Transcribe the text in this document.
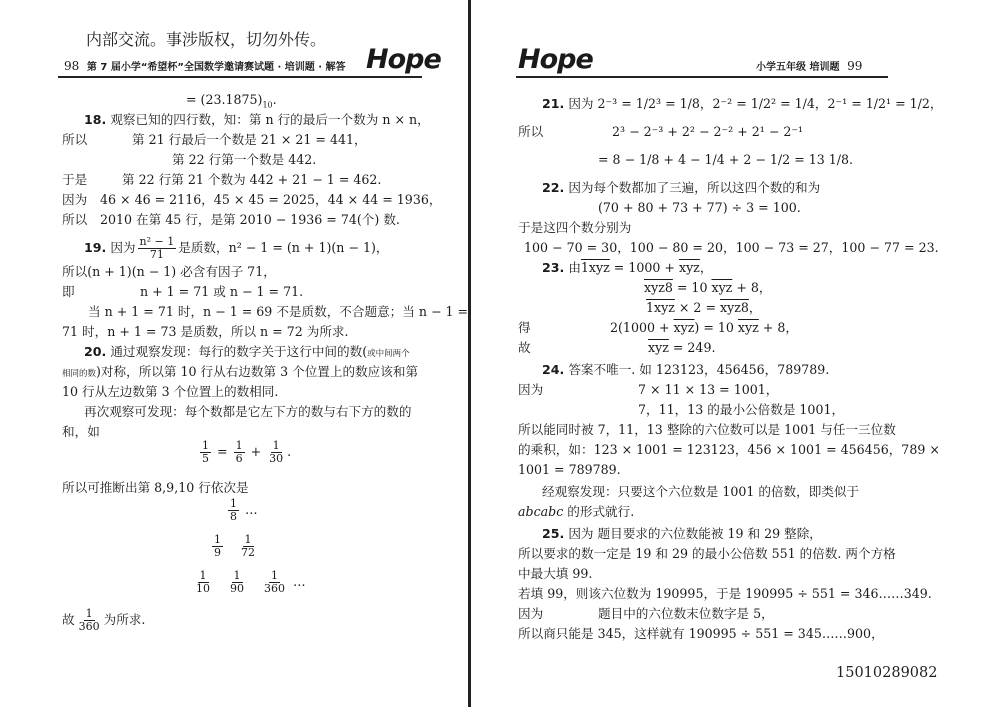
内部交流。事涉版权，切勿外传。
98 第 7 届小学“希望杯”全国数学邀请赛试题 · 培训题 · 解答 Hope
= $(23.1875)_{10}$.
18. 观察已知的四行数，知：第 n 行的最后一个数为 n × n，
所以	第 21 行最后一个数是 21 × 21 = 441，
第 22 行第一个数是 442.
于是	第 22 行第 21 个数为 442 + 21 − 1 = 462.
因为 46 × 46 = 2116，45 × 45 = 2025，44 × 44 = 1936，
所以 2010 在第 45 行，是第 2010 − 1936 = 74(个) 数.
19. 因为 $\frac{\text{n² − 1}}{71}$ 是质数，n² − 1 = (n + 1)(n − 1)，
所以(n + 1)(n − 1) 必含有因子 71，
即	n + 1 = 71 或 n − 1 = 71.
当 n + 1 = 71 时，n − 1 = 69 不是质数，不合题意；当 n − 1 =
71 时，n + 1 = 73 是质数，所以 n = 72 为所求.
20. 通过观察发现：每行的数字关于这行中间的数(或中间两个
相同的数)对称，所以第 10 行从右边数第 3 个位置上的数应该和第
10 行从左边数第 3 个位置上的数相同.
再次观察可发现：每个数都是它左下方的数与右下方的数的
和，如
$\frac{1}{5} = \frac{1}{6} + \frac{1}{30}$ .
所以可推断出第 8,9,10 行依次是
$\frac{1}{8}$ …
$\frac{1}{9}$
$\frac{1}{72}$
$\frac{1}{10}$
$\frac{1}{90}$
$\frac{1}{360}$ …
故 $\frac{1}{360}$ 为所求.
Hope	小学五年级 培训题 99
21. 因为 2⁻³ = 1/2³ = 1/8，2⁻² = 1/2² = 1/4，2⁻¹ = 1/2¹ = 1/2，
所以	2³ − 2⁻³ + 2² − 2⁻² + 2¹ − 2⁻¹
= 8 − 1/8 + 4 − 1/4 + 2 − 1/2 = 13 1/8.
22. 因为每个数都加了三遍，所以这四个数的和为
(70 + 80 + 73 + 77) ÷ 3 = 100.
于是这四个数分别为
100 − 70 = 30，100 − 80 = 20，100 − 73 = 27，100 − 77 = 23.
23. 由$1xyz = 1000 + \overline{xyz}$，
xyz8 = 10 $\overline{xyz} + 8$，
1xyz × 2 = xyz8，
得	$2(1000 + \overline{xyz}) = 10$ $\overline{xyz} + 8$，
故	$\overline{xyz} = 249$.
24. 答案不唯一. 如 123123，456456，789789.
因为	7 × 11 × 13 = 1001，
7，11，13 的最小公倍数是 1001，
所以能同时被 7，11，13 整除的六位数可以是 1001 与任一三位数
的乘积，如：123 × 1001 = 123123，456 × 1001 = 456456，789 ×
1001 = 789789.
经观察发现：只要这个六位数是 1001 的倍数，即类似于
abcabc 的形式就行.
25. 因为 题目要求的六位数能被 19 和 29 整除，
所以要求的数一定是 19 和 29 的最小公倍数 551 的倍数. 两个方格
中最大填 99.
若填 99，则该六位数为 190995，于是 190995 ÷ 551 = 346……349.
因为	题目中的六位数末位数字是 5，
所以商只能是 345，这样就有 190995 ÷ 551 = 345……900，
15010289082
